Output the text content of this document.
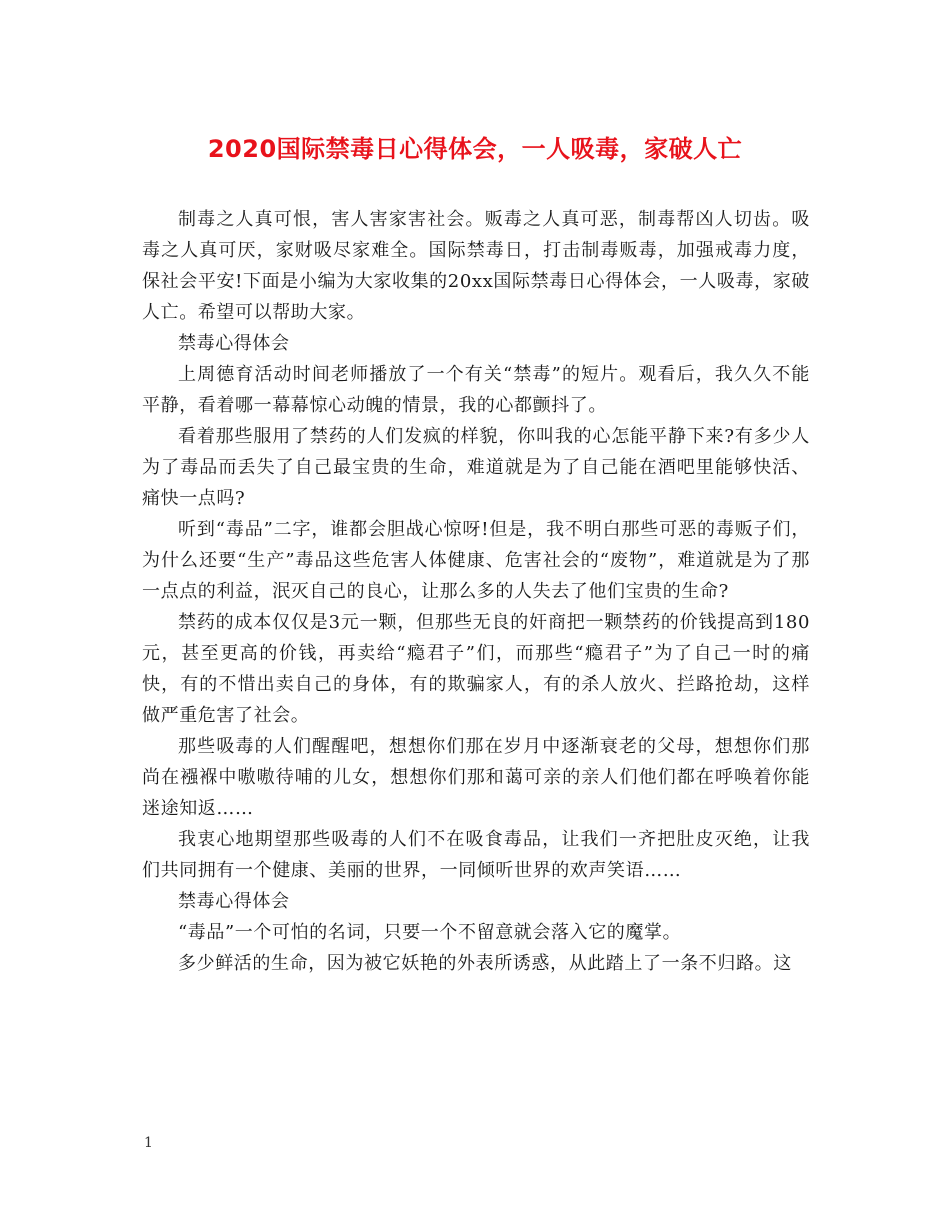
2020国际禁毒日心得体会，一人吸毒，家破人亡

制毒之人真可恨，害人害家害社会。贩毒之人真可恶，制毒帮凶人切齿。吸毒之人真可厌，家财吸尽家难全。国际禁毒日，打击制毒贩毒，加强戒毒力度，保社会平安!下面是小编为大家收集的20xx国际禁毒日心得体会，一人吸毒，家破人亡。希望可以帮助大家。

禁毒心得体会

上周德育活动时间老师播放了一个有关“禁毒”的短片。观看后，我久久不能平静，看着哪一幕幕惊心动魄的情景，我的心都颤抖了。

看着那些服用了禁药的人们发疯的样貌，你叫我的心怎能平静下来?有多少人为了毒品而丢失了自己最宝贵的生命，难道就是为了自己能在酒吧里能够快活、痛快一点吗?

听到“毒品”二字，谁都会胆战心惊呀!但是，我不明白那些可恶的毒贩子们，为什么还要“生产”毒品这些危害人体健康、危害社会的“废物”，难道就是为了那一点点的利益，泯灭自己的良心，让那么多的人失去了他们宝贵的生命?

禁药的成本仅仅是3元一颗，但那些无良的奸商把一颗禁药的价钱提高到180元，甚至更高的价钱，再卖给“瘾君子”们，而那些“瘾君子”为了自己一时的痛快，有的不惜出卖自己的身体，有的欺骗家人，有的杀人放火、拦路抢劫，这样做严重危害了社会。

那些吸毒的人们醒醒吧，想想你们那在岁月中逐渐衰老的父母，想想你们那尚在襁褓中嗷嗷待哺的儿女，想想你们那和蔼可亲的亲人们他们都在呼唤着你能迷途知返……

我衷心地期望那些吸毒的人们不在吸食毒品，让我们一齐把肚皮灭绝，让我们共同拥有一个健康、美丽的世界，一同倾听世界的欢声笑语……

禁毒心得体会

“毒品”一个可怕的名词，只要一个不留意就会落入它的魔掌。

多少鲜活的生命，因为被它妖艳的外表所诱惑，从此踏上了一条不归路。这

1
